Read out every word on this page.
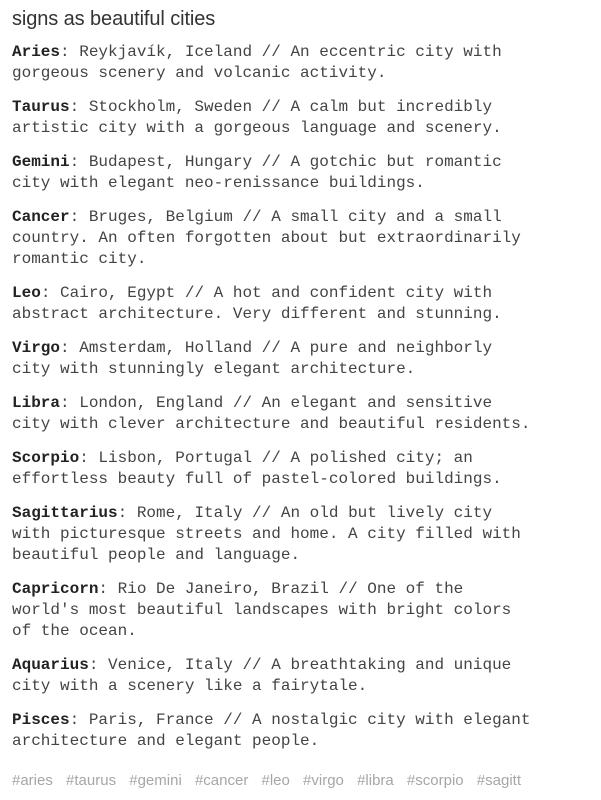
signs as beautiful cities

Aries: Reykjavík, Iceland // An eccentric city with
gorgeous scenery and volcanic activity.

Taurus: Stockholm, Sweden // A calm but incredibly
artistic city with a gorgeous language and scenery.

Gemini: Budapest, Hungary // A gotchic but romantic
city with elegant neo-renissance buildings.

Cancer: Bruges, Belgium // A small city and a small
country. An often forgotten about but extraordinarily
romantic city.

Leo: Cairo, Egypt // A hot and confident city with
abstract architecture. Very different and stunning.

Virgo: Amsterdam, Holland // A pure and neighborly
city with stunningly elegant architecture.

Libra: London, England // An elegant and sensitive
city with clever architecture and beautiful residents.

Scorpio: Lisbon, Portugal // A polished city; an
effortless beauty full of pastel-colored buildings.

Sagittarius: Rome, Italy // An old but lively city
with picturesque streets and home. A city filled with
beautiful people and language.

Capricorn: Rio De Janeiro, Brazil // One of the
world's most beautiful landscapes with bright colors
of the ocean.

Aquarius: Venice, Italy // A breathtaking and unique
city with a scenery like a fairytale.

Pisces: Paris, France // A nostalgic city with elegant
architecture and elegant people.

#aries #taurus #gemini #cancer #leo #virgo #libra #scorpio #sagitt
